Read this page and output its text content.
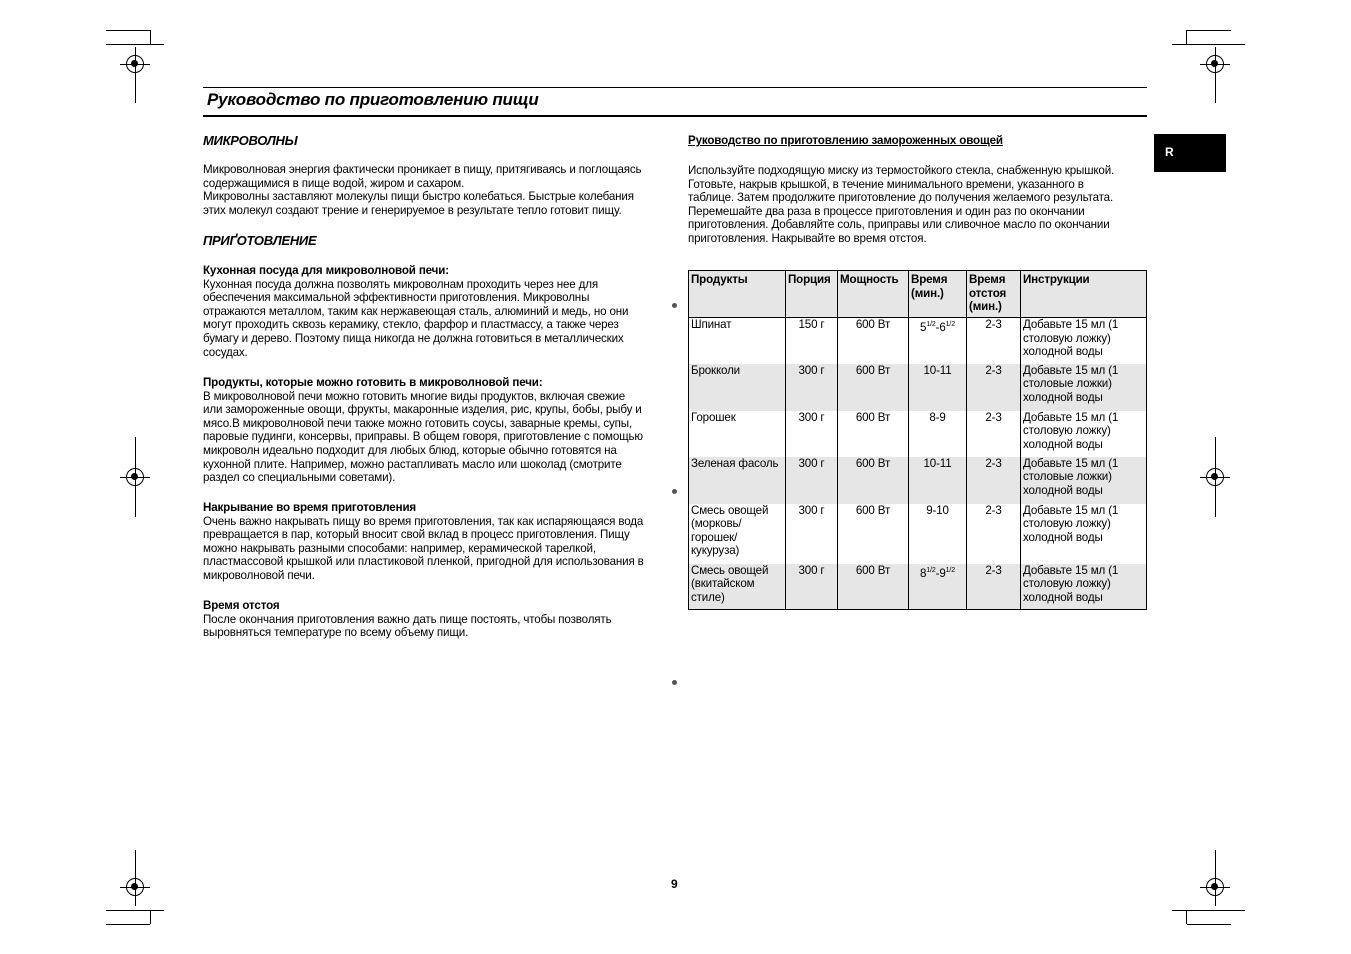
Руководство по приготовлению пищи
R
МИКРОВОЛНЫ
Микроволновая энергия фактически проникает в пищу, притягиваясь и поглощаясь
содержащимися в пище водой, жиром и сахаром.
Микроволны заставляют молекулы пищи быстро колебаться. Быстрые колебания
этих молекул создают трение и генерируемое в результате тепло готовит пищу.
ПРИҐОТОВЛЕНИЕ
Кухонная посуда для микроволновой печи:
Кухонная посуда должна позволять микроволнам проходить через нее для
обеспечения максимальной эффективности приготовления. Микроволны
отражаются металлом, таким как нержавеющая сталь, алюминий и медь, но они
могут проходить сквозь керамику, стекло, фарфор и пластмассу, а также через
бумагу и дерево. Поэтому пища никогда не должна готовиться в металлических
сосудах.
Продукты, которые можно готовить в микроволновой печи:
В микроволновой печи можно готовить многие виды продуктов, включая свежие
или замороженные овощи, фрукты, макаронные изделия, рис, крупы, бобы, рыбу и
мясо.В микроволновой печи также можно готовить соусы, заварные кремы, супы,
паровые пудинги, консервы, приправы. В общем говоря, приготовление с помощью
микроволн идеально подходит для любых блюд, которые обычно готовятся на
кухонной плите. Например, можно растапливать масло или шоколад (смотрите
раздел со специальными советами).
Накрывание во время приготовления
Очень важно накрывать пищу во время приготовления, так как испаряющаяся вода
превращается в пар, который вносит свой вклад в процесс приготовления. Пищу
можно накрывать разными способами: например, керамической тарелкой,
пластмассовой крышкой или пластиковой пленкой, пригодной для использования в
микроволновой печи.
Время отстоя
После окончания приготовления важно дать пище постоять, чтобы позволять
выровняться температуре по всему объему пищи.
Руководство по приготовлению замороженных овощей
Используйте подходящую миску из термостойкого стекла, снабженную крышкой.
Готовьте, накрыв крышкой, в течение минимального времени, указанного в
таблице. Затем продолжите приготовление до получения желаемого результата.
Перемешайте два раза в процессе приготовления и один раз по окончании
приготовления. Добавляйте соль, приправы или сливочное масло по окончании
приготовления. Накрывайте во время отстоя.
Продукты	Порция	Мощность	Время (мин.)	Время отстоя (мин.)	Инструкции
Шпинат	150 г	600 Вт	$5^{1/2}-6^{1/2}$	2-3	Добавьте 15 мл (1 столовую ложку) холодной воды
Брокколи	300 г	600 Вт	10-11	2-3	Добавьте 15 мл (1 столовые ложки) холодной воды
Горошек	300 г	600 Вт	8-9	2-3	Добавьте 15 мл (1 столовую ложку) холодной воды
Зеленая фасоль	300 г	600 Вт	10-11	2-3	Добавьте 15 мл (1 столовые ложки) холодной воды
Смесь овощей (морковь/ горошек/ кукуруза)	300 г	600 Вт	9-10	2-3	Добавьте 15 мл (1 столовую ложку) холодной воды
Смесь овощей (вкитайском стиле)	300 г	600 Вт	$8^{1/2}-9^{1/2}$	2-3	Добавьте 15 мл (1 столовую ложку) холодной воды
9
